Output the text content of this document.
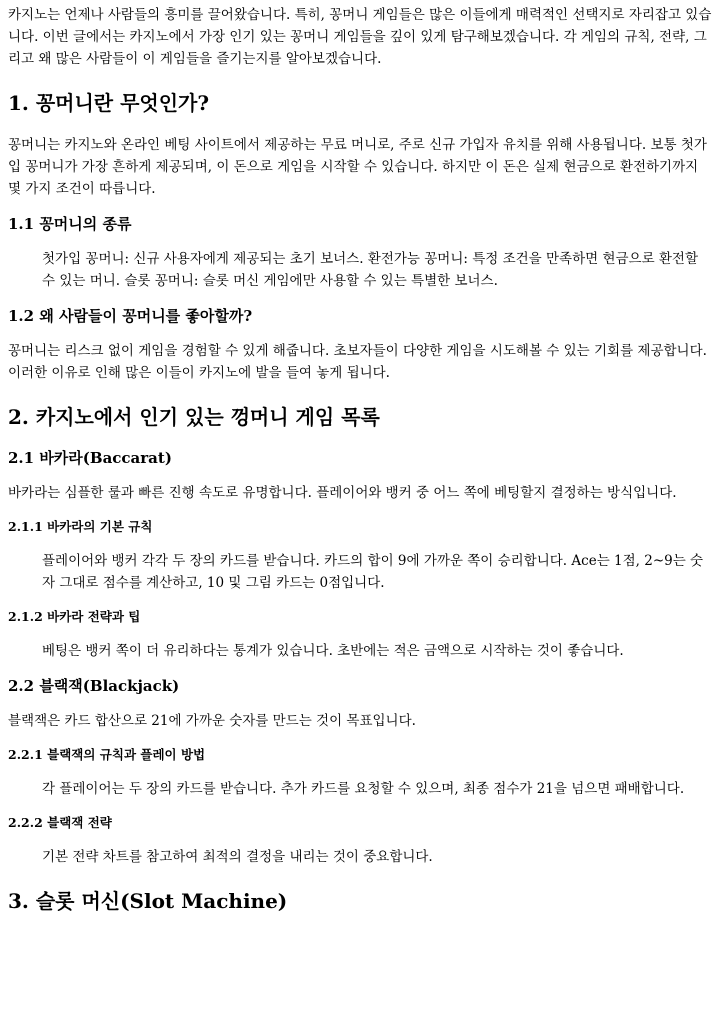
카지노는 언제나 사람들의 흥미를 끌어왔습니다. 특히, 꽁머니 게임들은 많은 이들에게 매력적인 선택지로 자리잡고 있습니다. 이번 글에서는 카지노에서 가장 인기 있는 꽁머니 게임들을 깊이 있게 탐구해보겠습니다. 각 게임의 규칙, 전략, 그리고 왜 많은 사람들이 이 게임들을 즐기는지를 알아보겠습니다.

1. 꽁머니란 무엇인가?

꽁머니는 카지노와 온라인 베팅 사이트에서 제공하는 무료 머니로, 주로 신규 가입자 유치를 위해 사용됩니다. 보통 첫가입 꽁머니가 가장 흔하게 제공되며, 이 돈으로 게임을 시작할 수 있습니다. 하지만 이 돈은 실제 현금으로 환전하기까지 몇 가지 조건이 따릅니다.

1.1 꽁머니의 종류

첫가입 꽁머니: 신규 사용자에게 제공되는 초기 보너스. 환전가능 꽁머니: 특정 조건을 만족하면 현금으로 환전할 수 있는 머니. 슬롯 꽁머니: 슬롯 머신 게임에만 사용할 수 있는 특별한 보너스.

1.2 왜 사람들이 꽁머니를 좋아할까?

꽁머니는 리스크 없이 게임을 경험할 수 있게 해줍니다. 초보자들이 다양한 게임을 시도해볼 수 있는 기회를 제공합니다. 이러한 이유로 인해 많은 이들이 카지노에 발을 들여 놓게 됩니다.

2. 카지노에서 인기 있는 껑머니 게임 목록
2.1 바카라(Baccarat)

바카라는 심플한 룰과 빠른 진행 속도로 유명합니다. 플레이어와 뱅커 중 어느 쪽에 베팅할지 결정하는 방식입니다.

2.1.1 바카라의 기본 규칙

플레이어와 뱅커 각각 두 장의 카드를 받습니다. 카드의 합이 9에 가까운 쪽이 승리합니다. Ace는 1점, 2~9는 숫자 그대로 점수를 계산하고, 10 및 그림 카드는 0점입니다.

2.1.2 바카라 전략과 팁

베팅은 뱅커 쪽이 더 유리하다는 통계가 있습니다. 초반에는 적은 금액으로 시작하는 것이 좋습니다.

2.2 블랙잭(Blackjack)

블랙잭은 카드 합산으로 21에 가까운 숫자를 만드는 것이 목표입니다.

2.2.1 블랙잭의 규칙과 플레이 방법

각 플레이어는 두 장의 카드를 받습니다. 추가 카드를 요청할 수 있으며, 최종 점수가 21을 넘으면 패배합니다.

2.2.2 블랙잭 전략

기본 전략 차트를 참고하여 최적의 결정을 내리는 것이 중요합니다.

3. 슬롯 머신(Slot Machine)
